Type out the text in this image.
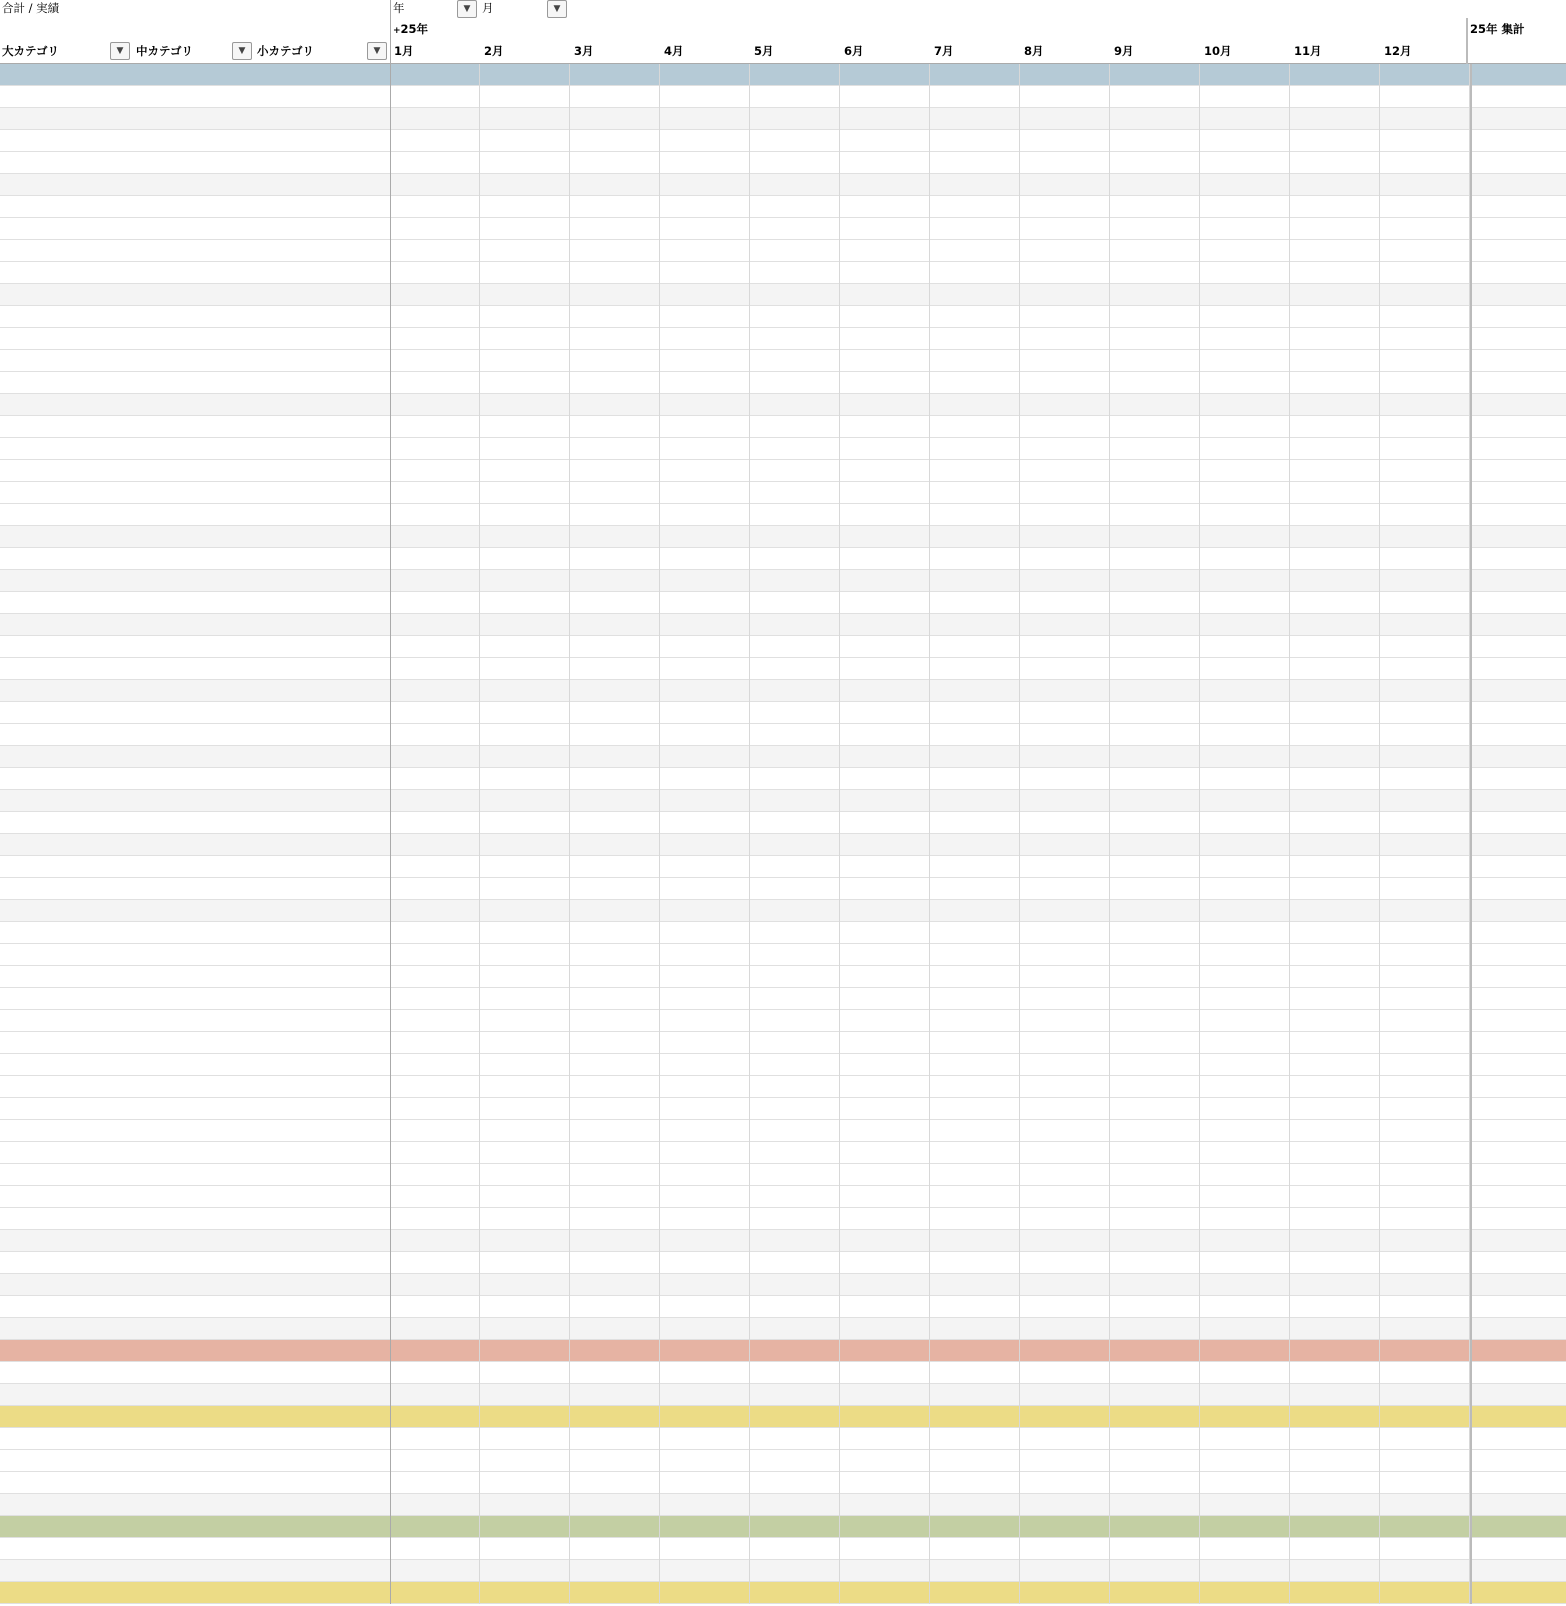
合計 / 実績	年	▼	月	▼
+25年	25年 集計
大カテゴリ	▼	中カテゴリ	▼	小カテゴリ	▼	1月	2月	3月	4月	5月	6月	7月	8月	9月	10月	11月	12月
